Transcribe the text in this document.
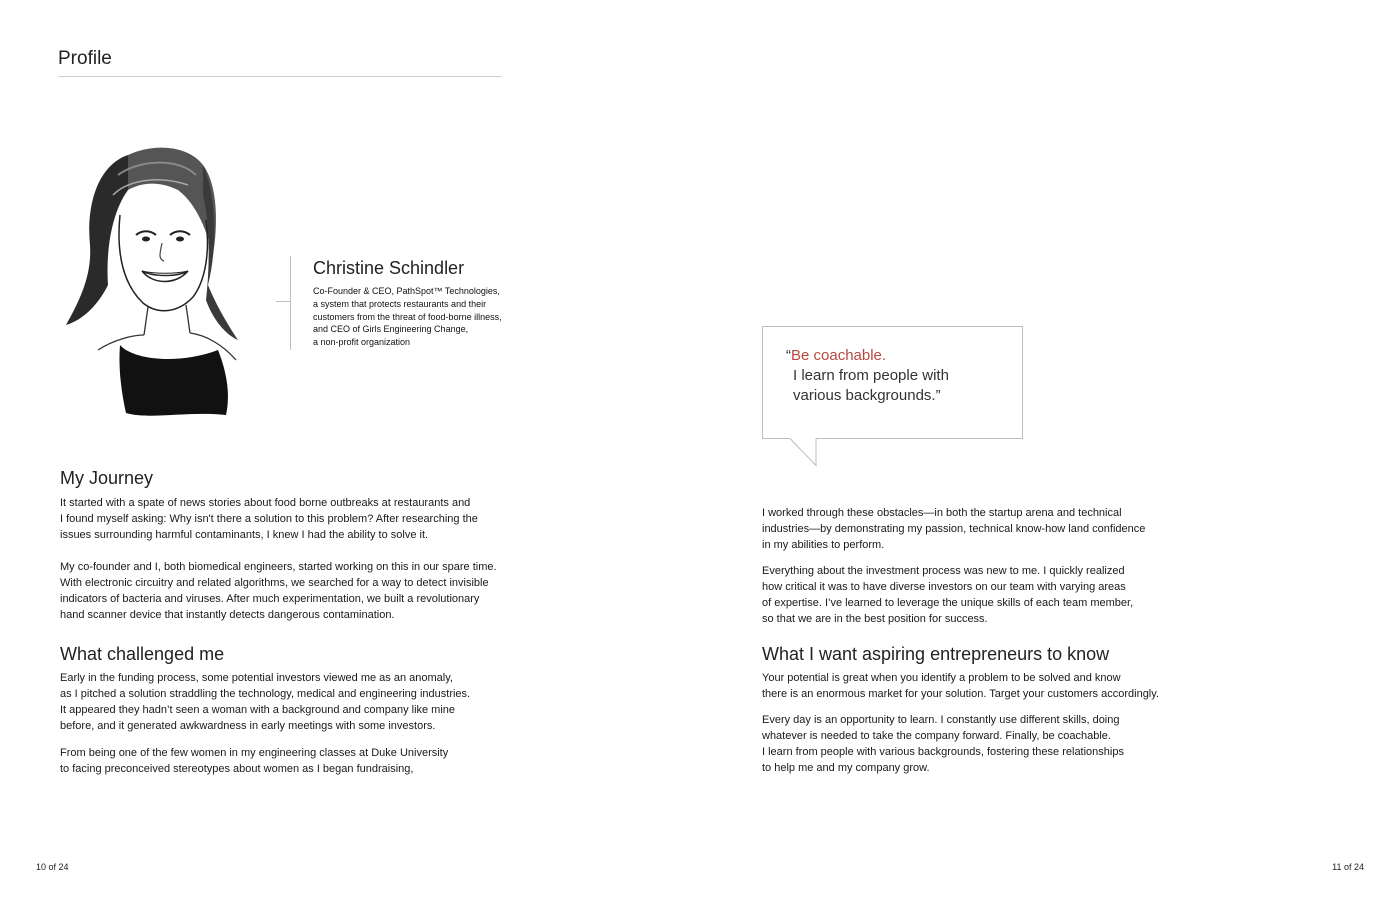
Profile
Christine Schindler
Co-Founder & CEO, PathSpot™ Technologies,
a system that protects restaurants and their
customers from the threat of food-borne illness,
and CEO of Girls Engineering Change,
a non-profit organization
My Journey
It started with a spate of news stories about food borne outbreaks at restaurants and
I found myself asking: Why isn't there a solution to this problem? After researching the
issues surrounding harmful contaminants, I knew I had the ability to solve it.
My co-founder and I, both biomedical engineers, started working on this in our spare time.
With electronic circuitry and related algorithms, we searched for a way to detect invisible
indicators of bacteria and viruses. After much experimentation, we built a revolutionary
hand scanner device that instantly detects dangerous contamination.
What challenged me
Early in the funding process, some potential investors viewed me as an anomaly,
as I pitched a solution straddling the technology, medical and engineering industries.
It appeared they hadn’t seen a woman with a background and company like mine
before, and it generated awkwardness in early meetings with some investors.
From being one of the few women in my engineering classes at Duke University
to facing preconceived stereotypes about women as I began fundraising,
“Be coachable.
I learn from people with
various backgrounds.”
I worked through these obstacles—in both the startup arena and technical
industries—by demonstrating my passion, technical know-how land confidence
in my abilities to perform.
Everything about the investment process was new to me. I quickly realized
how critical it was to have diverse investors on our team with varying areas
of expertise. I’ve learned to leverage the unique skills of each team member,
so that we are in the best position for success.
What I want aspiring entrepreneurs to know
Your potential is great when you identify a problem to be solved and know
there is an enormous market for your solution. Target your customers accordingly.
Every day is an opportunity to learn. I constantly use different skills, doing
whatever is needed to take the company forward. Finally, be coachable.
I learn from people with various backgrounds, fostering these relationships
to help me and my company grow.
10 of 24	11 of 24
